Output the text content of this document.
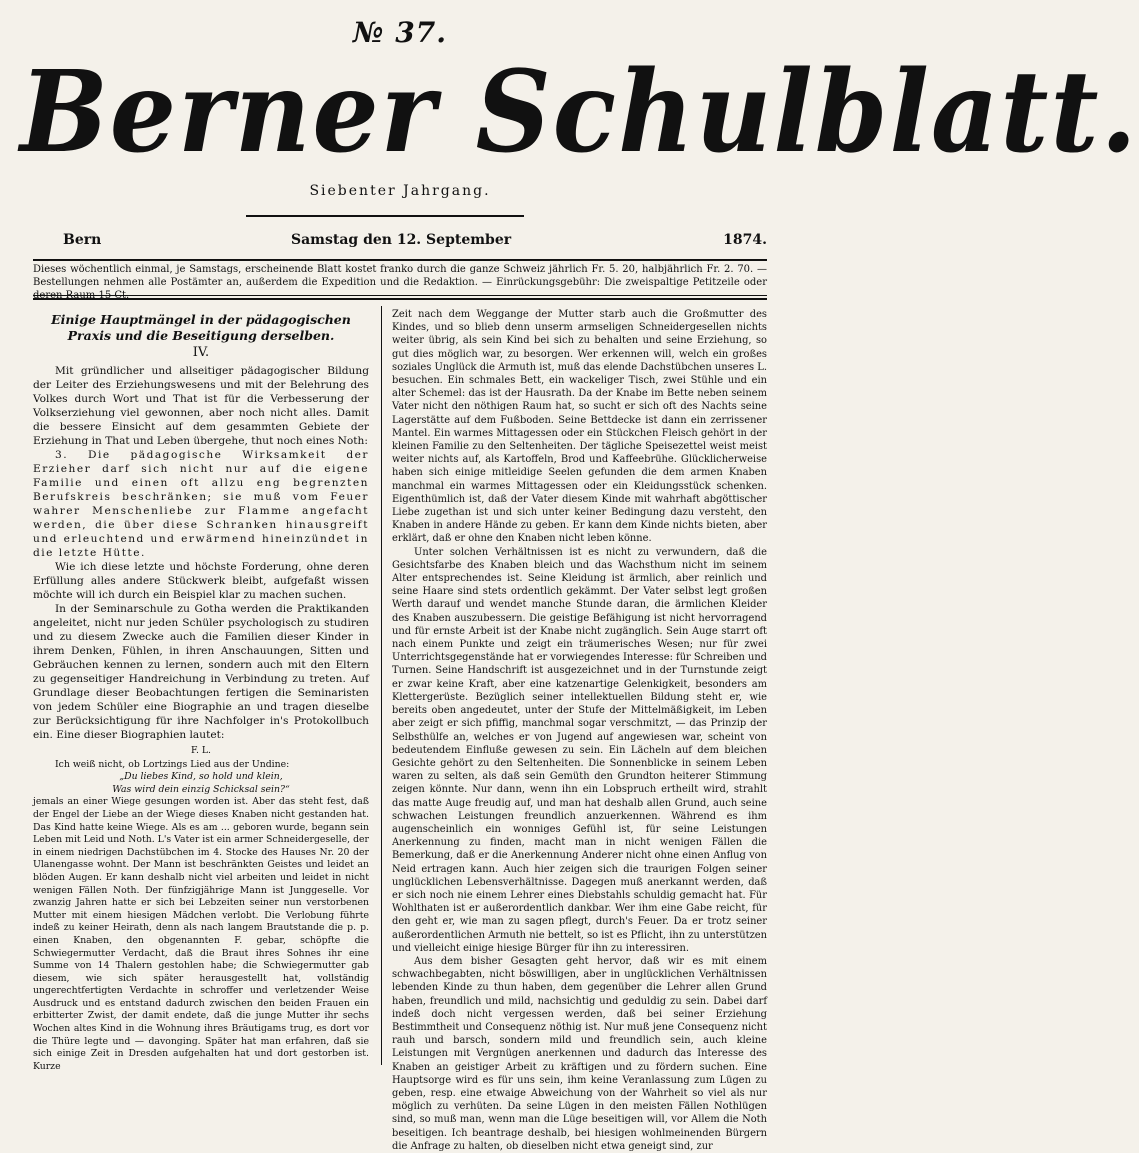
№ 37.
Berner Schulblatt.
Siebenter Jahrgang.
Bern	Samstag den 12. September	1874.
Dieses wöchentlich einmal, je Samstags, erscheinende Blatt kostet franko durch die ganze Schweiz jährlich Fr. 5. 20, halbjährlich Fr. 2. 70. — Bestellungen nehmen alle Postämter an, außerdem die Expedition und die Redaktion. — Einrückungsgebühr: Die zweispaltige Petitzeile oder
Einige Hauptmängel in der pädagogischen Praxis und die Beseitigung derselben.
IV.

Mit gründlicher und allseitiger pädagogischer Bildung der Leiter des Erziehungswesens und mit der Belehrung des Volkes durch Wort und That ist für die Verbesserung der Volkserziehung viel gewonnen, aber noch nicht alles. Damit die bessere Einsicht auf dem gesammten Gebiete der Erziehung in That und Leben übergehe, thut noch eines Noth:

3. Die pädagogische Wirksamkeit der Erzieher darf sich nicht nur auf die eigene Familie und einen oft allzu eng begrenzten Berufskreis beschränken; sie muß vom Feuer wahrer Menschenliebe zur Flamme angefacht werden, die über diese Schranken hinausgreift und erleuchtend und erwärmend hineinzündet in die letzte Hütte.

Wie ich diese letzte und höchste Forderung, ohne deren Erfüllung alles andere Stückwerk bleibt, aufgefaßt wissen möchte will ich durch ein Beispiel klar zu machen suchen.

In der Seminarschule zu Gotha werden die Praktikanden angeleitet, nicht nur jeden Schüler psychologisch zu studiren und zu diesem Zwecke auch die Familien dieser Kinder in ihrem Denken, Fühlen, in ihren Anschauungen, Sitten und Gebräuchen kennen zu lernen, sondern auch mit den Eltern zu gegenseitiger Handreichung in Verbindung zu treten. Auf Grundlage dieser Beobachtungen fertigen die Seminaristen von jedem Schüler eine Biographie an und tragen dieselbe zur Berücksichtigung für ihre Nachfolger in's Protokollbuch ein. Eine dieser Biographien lautet:

F. L.

Ich weiß nicht, ob Lortzings Lied aus der Undine:

„Du liebes Kind, so hold und klein,

Was wird dein einzig Schicksal sein?“

jemals an einer Wiege gesungen worden ist. Aber das steht fest, daß der Engel der Liebe an der Wiege dieses Knaben nicht gestanden hat. Das Kind hatte keine Wiege. Als es am ... geboren wurde, begann sein Leben mit Leid und Noth. L's Vater ist ein armer Schneidergeselle, der in einem niedrigen Dachstübchen im 4. Stocke des Hauses Nr. 20 der Ulanengasse wohnt. Der Mann ist beschränkten Geistes und leidet an blöden Augen. Er kann deshalb nicht viel arbeiten und leidet in nicht wenigen Fällen Noth. Der fünfzigjährige Mann ist Junggeselle. Vor zwanzig Jahren hatte er sich bei Lebzeiten seiner nun verstorbenen Mutter mit einem hiesigen Mädchen verlobt. Die Verlobung führte indeß zu keiner Heirath, denn als nach langem Brautstande die p. p. einen Knaben, den obgenannten F. gebar, schöpfte die Schwiegermutter Verdacht, daß die Braut ihres Sohnes ihr eine Summe von 14 Thalern gestohlen habe; die Schwiegermutter gab diesem, wie sich später herausgestellt hat, vollständig ungerechtfertigten Verdachte in schroffer und verletzender Weise Ausdruck und es entstand dadurch zwischen den beiden Frauen ein erbitterter Zwist, der damit endete, daß die junge Mutter ihr sechs Wochen altes Kind in die Wohnung ihres Bräutigams trug, es dort vor die Thüre legte und — davonging. Später hat man erfahren, daß sie sich einige Zeit in Dresden aufgehalten hat und dort gestorben ist. Kurze

Zeit nach dem Weggange der Mutter starb auch die Großmutter des Kindes, und so blieb denn unserm armseligen Schneidergesellen nichts weiter übrig, als sein Kind bei sich zu behalten und seine Erziehung, so gut dies möglich war, zu besorgen. Wer erkennen will, welch ein großes soziales Unglück die Armuth ist, muß das elende Dachstübchen unseres L. besuchen. Ein schmales Bett, ein wackeliger Tisch, zwei Stühle und ein alter Schemel: das ist der Hausrath. Da der Knabe im Bette neben seinem Vater nicht den nöthigen Raum hat, so sucht er sich oft des Nachts seine Lagerstätte auf dem Fußboden. Seine Bettdecke ist dann ein zerrissener Mantel. Ein warmes Mittagessen oder ein Stückchen Fleisch gehört in der kleinen Familie zu den Seltenheiten. Der tägliche Speisezettel weist meist weiter nichts auf, als Kartoffeln, Brod und Kaffeebrühe. Glücklicherweise haben sich einige mitleidige Seelen gefunden die dem armen Knaben manchmal ein warmes Mittagessen oder ein Kleidungsstück schenken. Eigenthümlich ist, daß der Vater diesem Kinde mit wahrhaft abgöttischer Liebe zugethan ist und sich unter keiner Bedingung dazu versteht, den Knaben in andere Hände zu geben. Er kann dem Kinde nichts bieten, aber erklärt, daß er ohne den Knaben nicht leben könne.

Unter solchen Verhältnissen ist es nicht zu verwundern, daß die Gesichtsfarbe des Knaben bleich und das Wachsthum nicht im seinem Alter entsprechendes ist. Seine Kleidung ist ärmlich, aber reinlich und seine Haare sind stets ordentlich gekämmt. Der Vater selbst legt großen Werth darauf und wendet manche Stunde daran, die ärmlichen Kleider des Knaben auszubessern. Die geistige Befähigung ist nicht hervorragend und für ernste Arbeit ist der Knabe nicht zugänglich. Sein Auge starrt oft nach einem Punkte und zeigt ein träumerisches Wesen; nur für zwei Unterrichtsgegenstände hat er vorwiegendes Interesse: für Schreiben und Turnen. Seine Handschrift ist ausgezeichnet und in der Turnstunde zeigt er zwar keine Kraft, aber eine katzenartige Gelenkigkeit, besonders am Klettergerüste. Bezüglich seiner intellektuellen Bildung steht er, wie bereits oben angedeutet, unter der Stufe der Mittelmäßigkeit, im Leben aber zeigt er sich pfiffig, manchmal sogar verschmitzt, — das Prinzip der Selbsthülfe an, welches er von Jugend auf angewiesen war, scheint von bedeutendem Einfluße gewesen zu sein. Ein Lächeln auf dem bleichen Gesichte gehört zu den Seltenheiten. Die Sonnenblicke in seinem Leben waren zu selten, als daß sein Gemüth den Grundton heiterer Stimmung zeigen könnte. Nur dann, wenn ihn ein Lobspruch ertheilt wird, strahlt das matte Auge freudig auf, und man hat deshalb allen Grund, auch seine schwachen Leistungen freundlich anzuerkennen. Während es ihm augenscheinlich ein wonniges Gefühl ist, für seine Leistungen Anerkennung zu finden, macht man in nicht wenigen Fällen die Bemerkung, daß er die Anerkennung Anderer nicht ohne einen Anflug von Neid ertragen kann. Auch hier zeigen sich die traurigen Folgen seiner unglücklichen Lebensverhältnisse. Dagegen muß anerkannt werden, daß er sich noch nie einem Lehrer eines Diebstahls schuldig gemacht hat. Für Wohlthaten ist er außerordentlich dankbar. Wer ihm eine Gabe reicht, für den geht er, wie man zu sagen pflegt, durch's Feuer. Da er trotz seiner außerordentlichen Armuth nie bettelt, so ist es Pflicht, ihn zu unterstützen und vielleicht einige hiesige Bürger für ihn zu interessiren.

Aus dem bisher Gesagten geht hervor, daß wir es mit einem schwachbegabten, nicht böswilligen, aber in unglücklichen Verhältnissen lebenden Kinde zu thun haben, dem gegenüber die Lehrer allen Grund haben, freundlich und mild, nachsichtig und geduldig zu sein. Dabei darf indeß doch nicht vergessen werden, daß bei seiner Erziehung Bestimmtheit und Consequenz nöthig ist. Nur muß jene Consequenz nicht rauh und barsch, sondern mild und freundlich sein, auch kleine Leistungen mit Vergnügen anerkennen und dadurch das Interesse des Knaben an geistiger Arbeit zu kräftigen und zu fördern suchen. Eine Hauptsorge wird es für uns sein, ihm keine Veranlassung zum Lügen zu geben, resp. eine etwaige Abweichung von der Wahrheit so viel als nur möglich zu verhüten. Da seine Lügen in den meisten Fällen Nothlügen sind, so muß man, wenn man die Lüge beseitigen will, vor Allem die Noth beseitigen. Ich beantrage deshalb, bei hiesigen wohlmeinenden Bürgern die Anfrage zu halten, ob dieselben nicht etwa geneigt sind, zur
